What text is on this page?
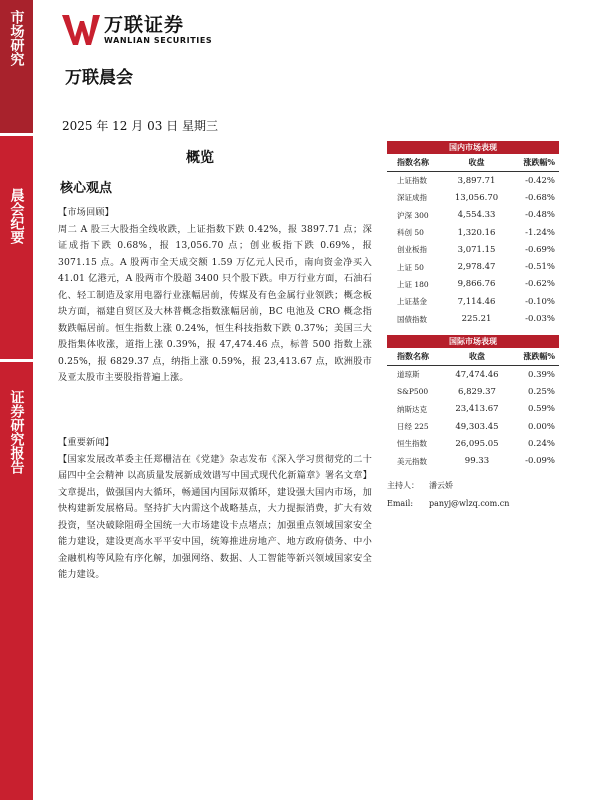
市场研究
晨会纪要
证券研究报告
万联证券
WANLIAN SECURITIES
万联晨会
2025 年 12 月 03 日 星期三
概览
核心观点
【市场回顾】
周二 A 股三大股指全线收跌，上证指数下跌 0.42%，报 3897.71 点；深证成指下跌 0.68%，报 13,056.70 点；创业板指下跌 0.69%，报 3071.15 点。A 股两市全天成交额 1.59 万亿元人民币，南向资金净买入 41.01 亿港元，A 股两市个股超 3400 只个股下跌。申万行业方面，石油石化、轻工制造及家用电器行业涨幅居前，传媒及有色金属行业领跌；概念板块方面，福建自贸区及大林普概念指数涨幅居前，BC 电池及 CRO 概念指数跌幅居前。恒生指数上涨 0.24%，恒生科技指数下跌 0.37%；美国三大股指集体收涨，道指上涨 0.39%，报 47,474.46 点，标普 500 指数上涨 0.25%，报 6829.37 点，纳指上涨 0.59%，报 23,413.67 点，欧洲股市及亚太股市主要股指普遍上涨。
【重要新闻】
【国家发展改革委主任郑栅洁在《党建》杂志发布《深入学习贯彻党的二十届四中全会精神 以高质量发展新成效谱写中国式现代化新篇章》署名文章】文章提出，做强国内大循环，畅通国内国际双循环，建设强大国内市场，加快构建新发展格局。坚持扩大内需这个战略基点，大力提振消费，扩大有效投资，坚决破除阻碍全国统一大市场建设卡点堵点；加强重点领域国家安全能力建设，建设更高水平平安中国，统筹推进房地产、地方政府债务、中小金融机构等风险有序化解，加强网络、数据、人工智能等新兴领域国家安全能力建设。
国内市场表现		
指数名称	收盘	涨跌幅%
上证指数	3,897.71	-0.42%
深证成指	13,056.70	-0.68%
沪深 300	4,554.33	-0.48%
科创 50	1,320.16	-1.24%
创业板指	3,071.15	-0.69%
上证 50	2,978.47	-0.51%
上证 180	9,866.76	-0.62%
上证基金	7,114.46	-0.10%
国债指数	225.21	-0.03%
国际市场表现		
指数名称	收盘	涨跌幅%
道琼斯	47,474.46	0.39%
S&P500	6,829.37	0.25%
纳斯达克	23,413.67	0.59%
日经 225	49,303.45	0.00%
恒生指数	26,095.05	0.24%
美元指数	99.33	-0.09%
主持人： 潘云娇
Email: panyj@wlzq.com.cn
